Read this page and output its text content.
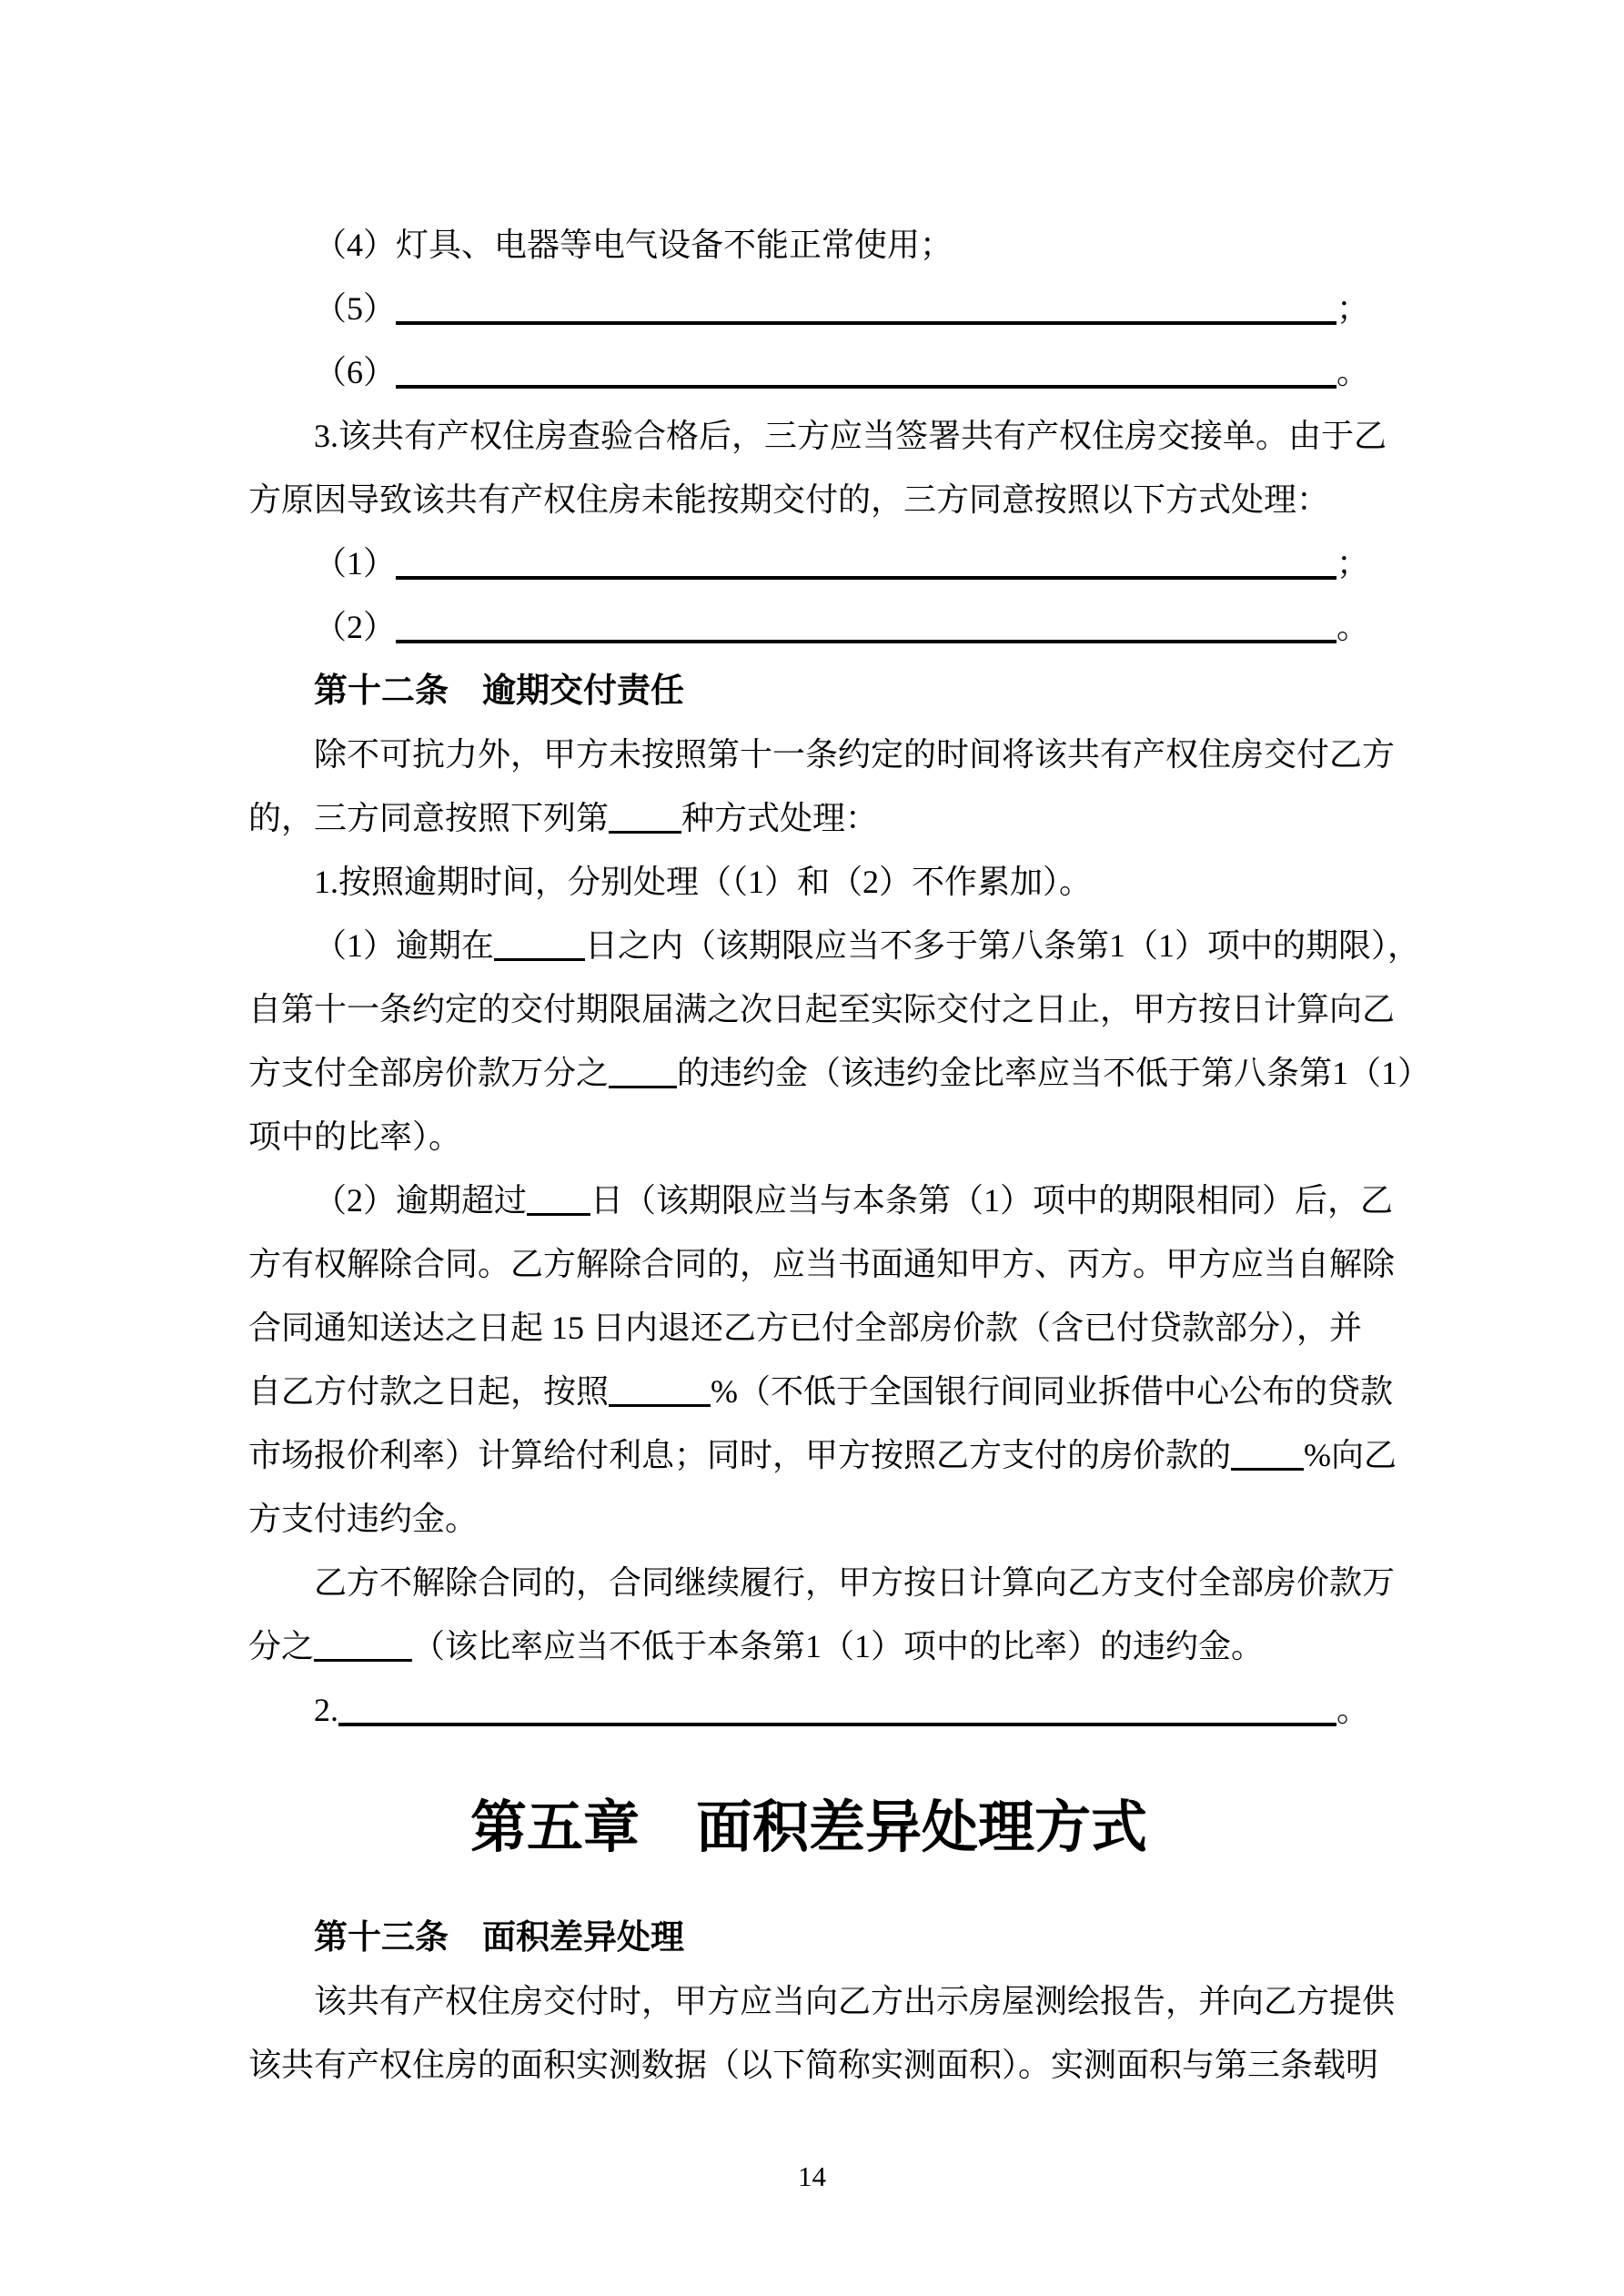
（4）灯具、电器等电气设备不能正常使用；
（5）	；
（6）	。
3.该共有产权住房查验合格后，三方应当签署共有产权住房交接单。由于乙
方原因导致该共有产权住房未能按期交付的，三方同意按照以下方式处理：
（1）	；
（2）	。
第十二条　逾期交付责任
除不可抗力外，甲方未按照第十一条约定的时间将该共有产权住房交付乙方
的，三方同意按照下列第 种方式处理：
1.按照逾期时间，分别处理（（1）和（2）不作累加）。
（1）逾期在	日之内（该期限应当不多于第八条第1（1）项中的期限），
自第十一条约定的交付期限届满之次日起至实际交付之日止，甲方按日计算向乙
方支付全部房价款万分之 的违约金（该违约金比率应当不低于第八条第1（1）
项中的比率）。
（2）逾期超过 日（该期限应当与本条第（1）项中的期限相同）后，乙
方有权解除合同。乙方解除合同的，应当书面通知甲方、丙方。甲方应当自解除
合同通知送达之日起 15 日内退还乙方已付全部房价款（含已付贷款部分），并
自乙方付款之日起，按照	%（不低于全国银行间同业拆借中心公布的贷款
市场报价利率）计算给付利息；同时，甲方按照乙方支付的房价款的 %向乙
方支付违约金。
乙方不解除合同的，合同继续履行，甲方按日计算向乙方支付全部房价款万
分之	（该比率应当不低于本条第1（1）项中的比率）的违约金。
2.	。
第五章　面积差异处理方式
第十三条　面积差异处理
该共有产权住房交付时，甲方应当向乙方出示房屋测绘报告，并向乙方提供
该共有产权住房的面积实测数据（以下简称实测面积）。实测面积与第三条载明
14
